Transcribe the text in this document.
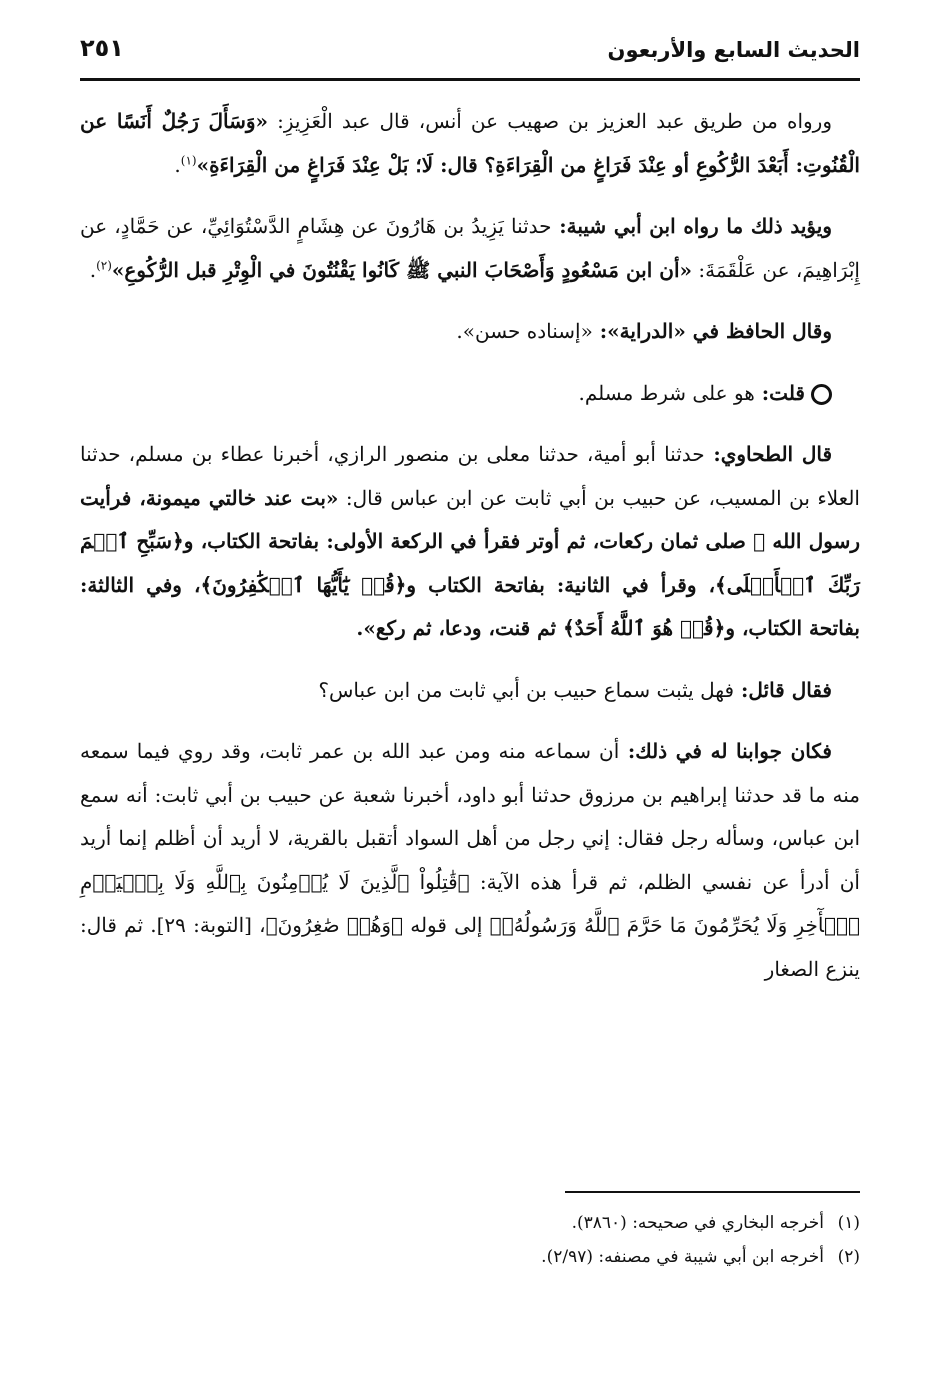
الحديث السابع والأربعون
٢٥١

ورواه من طريق عبد العزيز بن صهيب عن أنس، قال عبد الْعَزِيزِ: «وَسَأَلَ رَجُلٌ أَنَسًا عن الْقُنُوتِ: أَبَعْدَ الرُّكُوعِ أو عِنْدَ فَرَاغٍ من الْقِرَاءَةِ؟ قال: لَا؛ بَلْ عِنْدَ فَرَاغٍ من الْقِرَاءَةِ»$^{(١)}$.

ويؤيد ذلك ما رواه ابن أبي شيبة: حدثنا يَزِيدُ بن هَارُونَ عن هِشَامٍ الدَّسْتُوَائِيِّ، عن حَمَّادٍ، عن إِبْرَاهِيمَ، عن عَلْقَمَةَ: «أن ابن مَسْعُودٍ وَأَصْحَابَ النبي ﷺ كَانُوا يَقْنُتُونَ في الْوِتْرِ قبل الرُّكُوعِ»$^{(٢)}$.

وقال الحافظ في «الدراية»: «إسناده حسن».

قلت: هو على شرط مسلم.

قال الطحاوي: حدثنا أبو أمية، حدثنا معلى بن منصور الرازي، أخبرنا عطاء بن مسلم، حدثنا العلاء بن المسيب، عن حبيب بن أبي ثابت عن ابن عباس قال: «بت عند خالتي ميمونة، فرأيت رسول الله ﷺ صلى ثمان ركعات، ثم أوتر فقرأ في الركعة الأولى: بفاتحة الكتاب، و﴿سَبِّحِ ٱسۡمَ رَبِّكَ ٱلۡأَعۡلَى﴾، وقرأ في الثانية: بفاتحة الكتاب و﴿قُلۡ يَٰٓأَيُّهَا ٱلۡكَٰفِرُونَ﴾، وفي الثالثة: بفاتحة الكتاب، و﴿قُلۡ هُوَ ٱللَّهُ أَحَدٌ﴾ ثم قنت، ودعا، ثم ركع».

فقال قائل: فهل يثبت سماع حبيب بن أبي ثابت من ابن عباس؟

فكان جوابنا له في ذلك: أن سماعه منه ومن عبد الله بن عمر ثابت، وقد روي فيما سمعه منه ما قد حدثنا إبراهيم بن مرزوق حدثنا أبو داود، أخبرنا شعبة عن حبيب بن أبي ثابت: أنه سمع ابن عباس، وسأله رجل فقال: إني رجل من أهل السواد أتقبل بالقرية، لا أريد أن أظلم إنما أريد أن أدرأ عن نفسي الظلم، ثم قرأ هذه الآية: ﴿قَٰتِلُواْ ٱلَّذِينَ لَا يُؤۡمِنُونَ بِٱللَّهِ وَلَا بِٱلۡيَوۡمِ ٱلۡأٓخِرِ وَلَا يُحَرِّمُونَ مَا حَرَّمَ ٱللَّهُ وَرَسُولُهُۥ﴾ إلى قوله ﴿وَهُمۡ صَٰغِرُونَ﴾، [التوبة: ٢٩]. ثم قال: ينزع الصغار

(١)أخرجه البخاري في صحيحه: (٣٨٦٠).
(٢)أخرجه ابن أبي شيبة في مصنفه: (٢/٩٧).
